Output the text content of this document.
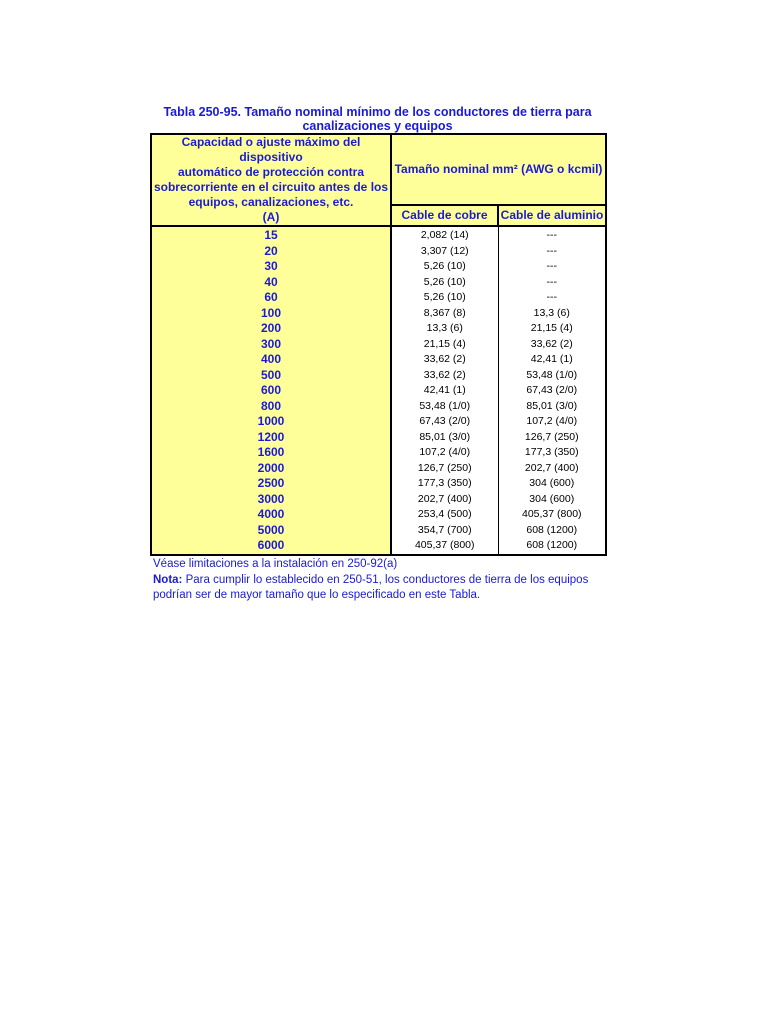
Tabla 250-95. Tamaño nominal mínimo de los conductores de tierra para
canalizaciones y equipos
Capacidad o ajuste máximo del dispositivo
automático de protección contra
sobrecorriente en el circuito antes de los
equipos, canalizaciones, etc.
(A)	Tamaño nominal mm² (AWG o kcmil)	
	Cable de cobre	Cable de aluminio
15	2,082 (14)	---
20	3,307 (12)	---
30	5,26 (10)	---
40	5,26 (10)	---
60	5,26 (10)	---
100	8,367 (8)	13,3 (6)
200	13,3 (6)	21,15 (4)
300	21,15 (4)	33,62 (2)
400	33,62 (2)	42,41 (1)
500	33,62 (2)	53,48 (1/0)
600	42,41 (1)	67,43 (2/0)
800	53,48 (1/0)	85,01 (3/0)
1000	67,43 (2/0)	107,2 (4/0)
1200	85,01 (3/0)	126,7 (250)
1600	107,2 (4/0)	177,3 (350)
2000	126,7 (250)	202,7 (400)
2500	177,3 (350)	304 (600)
3000	202,7 (400)	304 (600)
4000	253,4 (500)	405,37 (800)
5000	354,7 (700)	608 (1200)
6000	405,37 (800)	608 (1200)
Véase limitaciones a la instalación en 250-92(a)
Nota: Para cumplir lo establecido en 250-51, los conductores de tierra de los equipos podrían ser de mayor tamaño que lo especificado en este Tabla.
